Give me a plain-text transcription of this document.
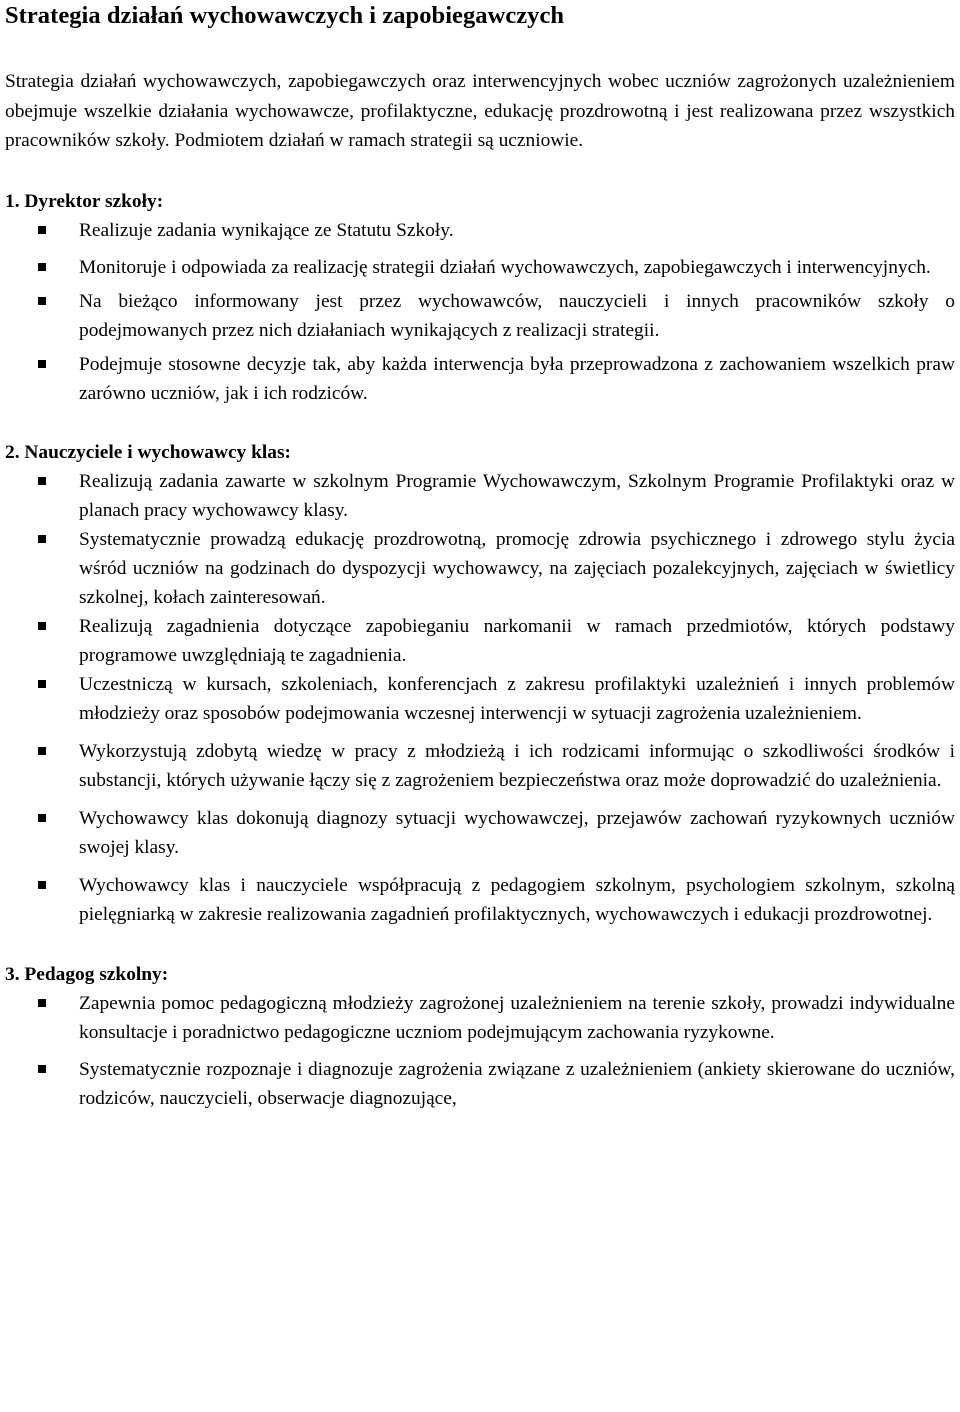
Strategia działań wychowawczych i zapobiegawczych

Strategia działań wychowawczych, zapobiegawczych oraz interwencyjnych wobec uczniów zagrożonych uzależnieniem obejmuje wszelkie działania wychowawcze, profilaktyczne, edukację prozdrowotną i jest realizowana przez wszystkich pracowników szkoły. Podmiotem działań w ramach strategii są uczniowie.

1. Dyrektor szkoły:
Realizuje zadania wynikające ze Statutu Szkoły.
Monitoruje i odpowiada za realizację strategii działań wychowawczych, zapobiegawczych i interwencyjnych.
Na bieżąco informowany jest przez wychowawców, nauczycieli i innych pracowników szkoły o podejmowanych przez nich działaniach wynikających z realizacji strategii.
Podejmuje stosowne decyzje tak, aby każda interwencja była przeprowadzona z zachowaniem wszelkich praw zarówno uczniów, jak i ich rodziców.
2. Nauczyciele i wychowawcy klas:
Realizują zadania zawarte w szkolnym Programie Wychowawczym, Szkolnym Programie Profilaktyki oraz w planach pracy wychowawcy klasy.
Systematycznie prowadzą edukację prozdrowotną, promocję zdrowia psychicznego i zdrowego stylu życia wśród uczniów na godzinach do dyspozycji wychowawcy, na zajęciach pozalekcyjnych, zajęciach w świetlicy szkolnej, kołach zainteresowań.
Realizują zagadnienia dotyczące zapobieganiu narkomanii w ramach przedmiotów, których podstawy programowe uwzględniają te zagadnienia.
Uczestniczą w kursach, szkoleniach, konferencjach z zakresu profilaktyki uzależnień i innych problemów młodzieży oraz sposobów podejmowania wczesnej interwencji w sytuacji zagrożenia uzależnieniem.
Wykorzystują zdobytą wiedzę w pracy z młodzieżą i ich rodzicami informując o szkodliwości środków i substancji, których używanie łączy się z zagrożeniem bezpieczeństwa oraz może doprowadzić do uzależnienia.
Wychowawcy klas dokonują diagnozy sytuacji wychowawczej, przejawów zachowań ryzykownych uczniów swojej klasy.
Wychowawcy klas i nauczyciele współpracują z pedagogiem szkolnym, psychologiem szkolnym, szkolną pielęgniarką w zakresie realizowania zagadnień profilaktycznych, wychowawczych i edukacji prozdrowotnej.
3. Pedagog szkolny:
Zapewnia pomoc pedagogiczną młodzieży zagrożonej uzależnieniem na terenie szkoły, prowadzi indywidualne konsultacje i poradnictwo pedagogiczne uczniom podejmującym zachowania ryzykowne.
Systematycznie rozpoznaje i diagnozuje zagrożenia związane z uzależnieniem (ankiety skierowane do uczniów, rodziców, nauczycieli, obserwacje diagnozujące,
